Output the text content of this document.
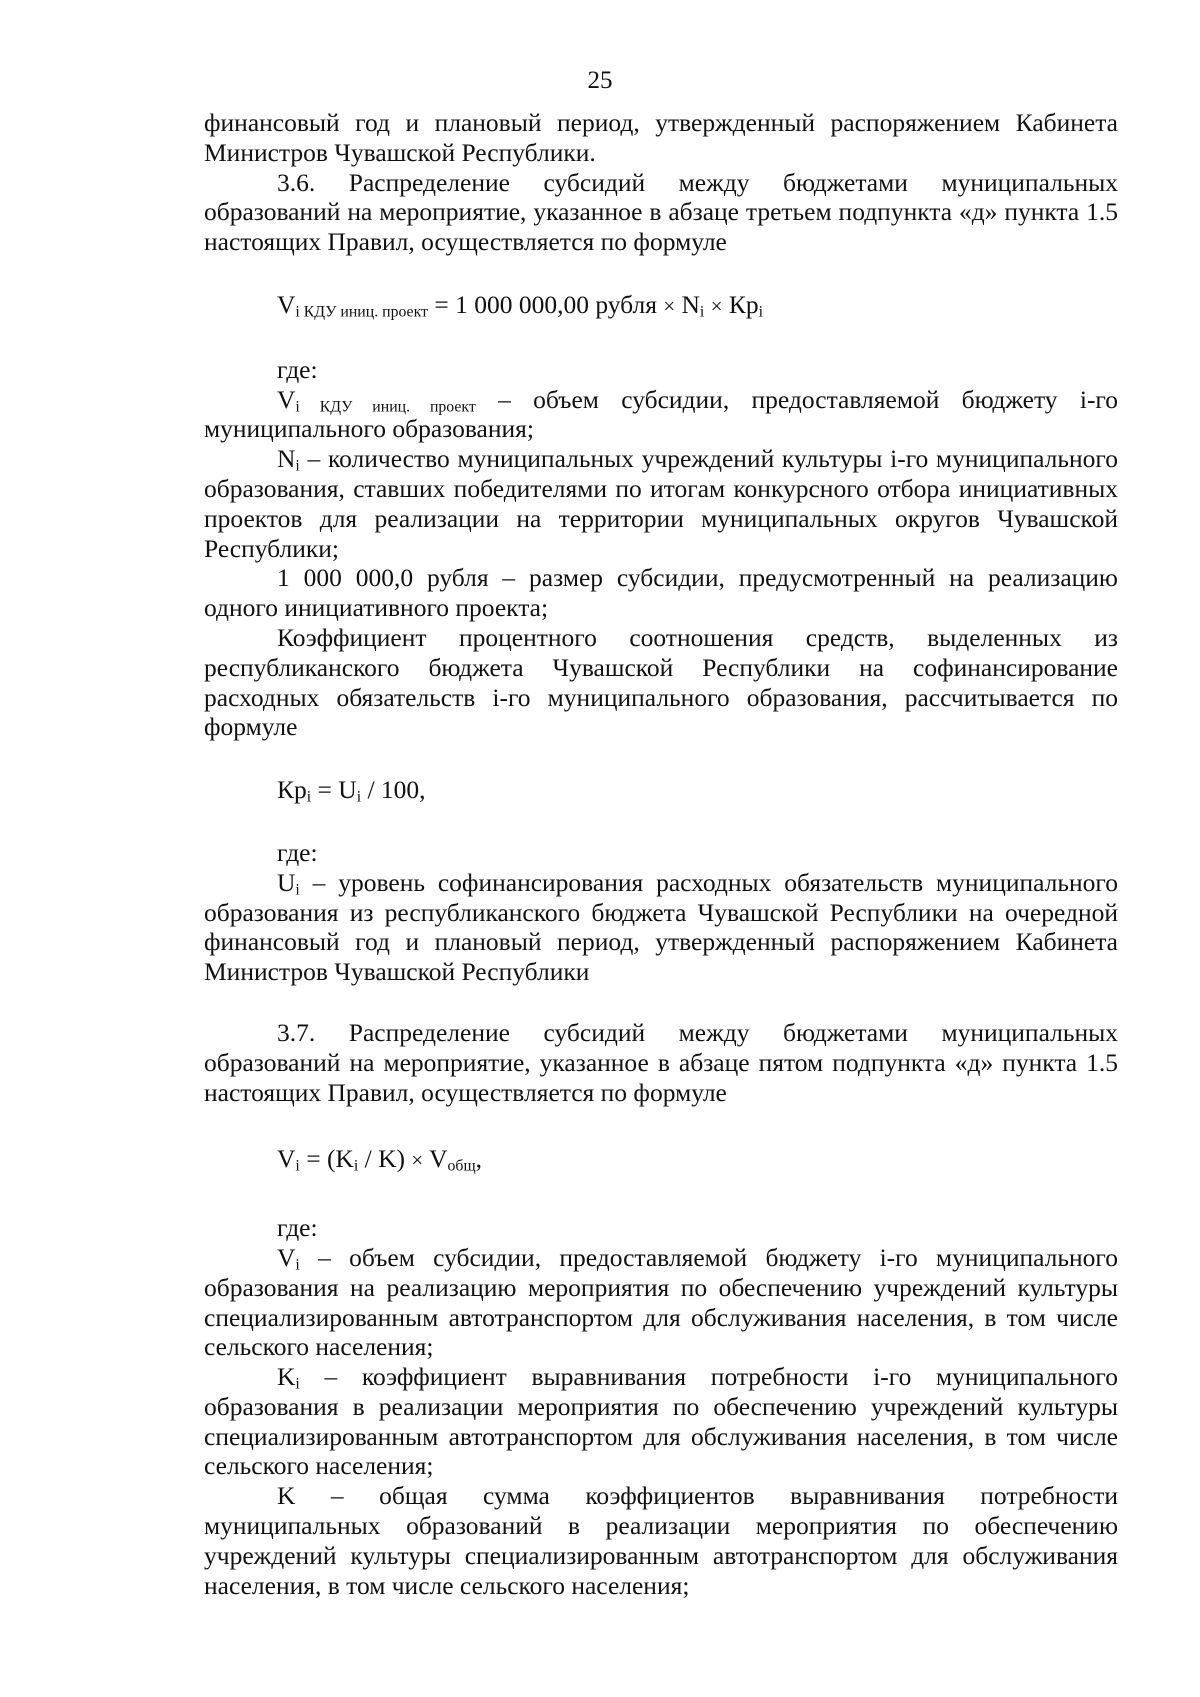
25

финансовый год и плановый период, утвержденный распоряжением Кабинета Министров Чувашской Республики.

3.6. Распределение субсидий между бюджетами муниципальных образований на мероприятие, указанное в абзаце третьем подпункта «д» пункта 1.5 настоящих Правил, осуществляется по формуле

$V_{i КДУ иниц. проект} = 1$ 000 000,00 рубля × $N_i \times Кр_i$

где:

$V_{i КДУ иниц. проект}$ – объем субсидии, предоставляемой бюджету i-го муниципального образования;

$N_i$ – количество муниципальных учреждений культуры i-го муниципального образования, ставших победителями по итогам конкурсного отбора инициативных проектов для реализации на территории муниципальных округов Чувашской Республики;

1 000 000,0 рубля – размер субсидии, предусмотренный на реализацию одного инициативного проекта;

Коэффициент процентного соотношения средств, выделенных из республиканского бюджета Чувашской Республики на софинансирование расходных обязательств i-го муниципального образования, рассчитывается по формуле

$Кр_i = U_i / 100$,

где:

$U_i$ – уровень софинансирования расходных обязательств муниципального образования из республиканского бюджета Чувашской Республики на очередной финансовый год и плановый период, утвержденный распоряжением Кабинета Министров Чувашской Республики

3.7. Распределение субсидий между бюджетами муниципальных образований на мероприятие, указанное в абзаце пятом подпункта «д» пункта 1.5 настоящих Правил, осуществляется по формуле

$V_i = (K_i / K) \times V_{общ}$,

где:

$V_i$ – объем субсидии, предоставляемой бюджету i-го муниципального образования на реализацию мероприятия по обеспечению учреждений культуры специализированным автотранспортом для обслуживания населения, в том числе сельского населения;

$K_i$ – коэффициент выравнивания потребности i-го муниципального образования в реализации мероприятия по обеспечению учреждений культуры специализированным автотранспортом для обслуживания населения, в том числе сельского населения;

K – общая сумма коэффициентов выравнивания потребности муниципальных образований в реализации мероприятия по обеспечению учреждений культуры специализированным автотранспортом для обслуживания населения, в том числе сельского населения;
